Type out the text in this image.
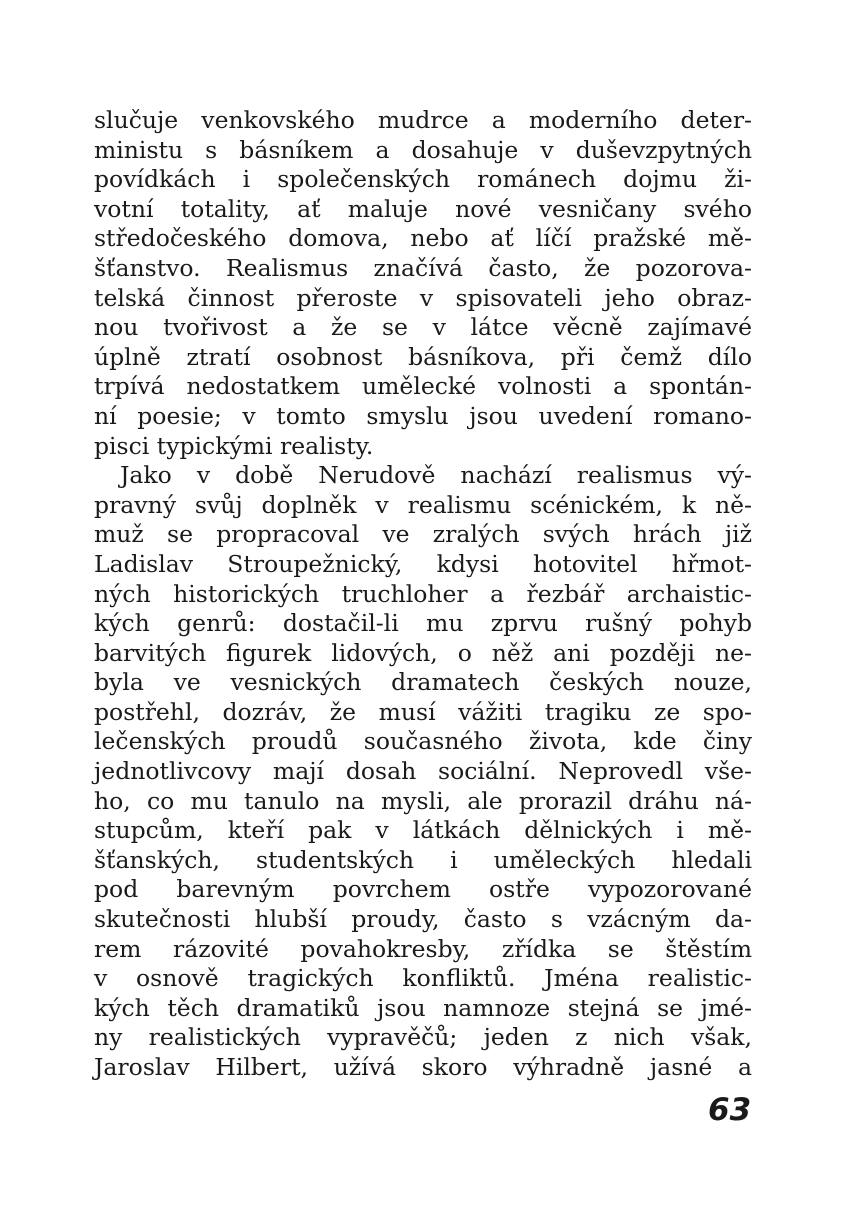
slučuje venkovského mudrce a moderního deter-
ministu s básníkem a dosahuje v duševzpytných
povídkách i společenských románech dojmu ži-
votní totality, ať maluje nové vesničany svého
středočeského domova, nebo ať líčí pražské mě-
šťanstvo. Realismus značívá často, že pozorova-
telská činnost přeroste v spisovateli jeho obraz-
nou tvořivost a že se v látce věcně zajímavé
úplně ztratí osobnost básníkova, při čemž dílo
trpívá nedostatkem umělecké volnosti a spontán-
ní poesie; v tomto smyslu jsou uvedení romano-
pisci typickými realisty.
Jako v době Nerudově nachází realismus vý-
pravný svůj doplněk v realismu scénickém, k ně-
muž se propracoval ve zralých svých hrách již
Ladislav Stroupežnický, kdysi hotovitel hřmot-
ných historických truchloher a řezbář archaistic-
kých genrů: dostačil-li mu zprvu rušný pohyb
barvitých figurek lidových, o něž ani později ne-
byla ve vesnických dramatech českých nouze,
postřehl, dozráv, že musí vážiti tragiku ze spo-
lečenských proudů současného života, kde činy
jednotlivcovy mají dosah sociální. Neprovedl vše-
ho, co mu tanulo na mysli, ale prorazil dráhu ná-
stupcům, kteří pak v látkách dělnických i mě-
šťanských, studentských i uměleckých hledali
pod barevným povrchem ostře vypozorované
skutečnosti hlubší proudy, často s vzácným da-
rem rázovité povahokresby, zřídka se štěstím
v osnově tragických konfliktů. Jména realistic-
kých těch dramatiků jsou namnoze stejná se jmé-
ny realistických vypravěčů; jeden z nich však,
Jaroslav Hilbert, užívá skoro výhradně jasné a
63
